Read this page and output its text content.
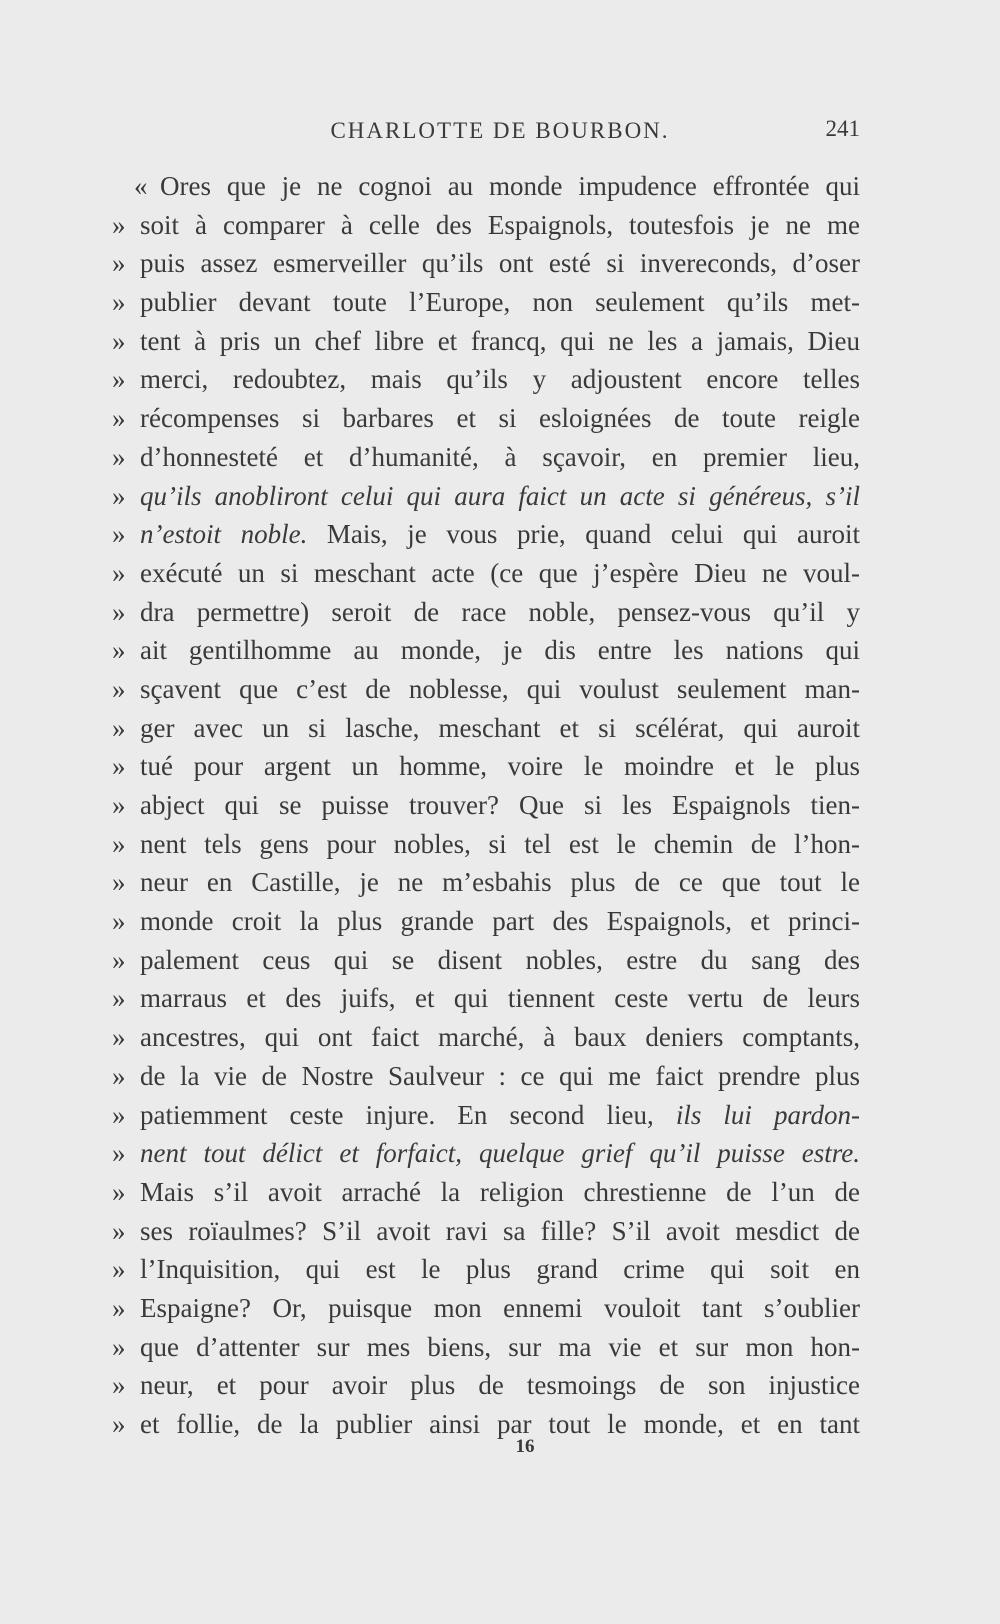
CHARLOTTE DE BOURBON.	241
« Ores que je ne cognoi au monde impudence effrontée qui
» soit à comparer à celle des Espaignols, toutesfois je ne me
» puis assez esmerveiller qu’ils ont esté si invereconds, d’oser
» publier devant toute l’Europe, non seulement qu’ils met-
» tent à pris un chef libre et francq, qui ne les a jamais, Dieu
» merci, redoubtez, mais qu’ils y adjoustent encore telles
» récompenses si barbares et si esloignées de toute reigle
» d’honnesteté et d’humanité, à sçavoir, en premier lieu,
» qu’ils anobliront celui qui aura faict un acte si généreus, s’il
» n’estoit noble. Mais, je vous prie, quand celui qui auroit
» exécuté un si meschant acte (ce que j’espère Dieu ne voul-
» dra permettre) seroit de race noble, pensez-vous qu’il y
» ait gentilhomme au monde, je dis entre les nations qui
» sçavent que c’est de noblesse, qui voulust seulement man-
» ger avec un si lasche, meschant et si scélérat, qui auroit
» tué pour argent un homme, voire le moindre et le plus
» abject qui se puisse trouver? Que si les Espaignols tien-
» nent tels gens pour nobles, si tel est le chemin de l’hon-
» neur en Castille, je ne m’esbahis plus de ce que tout le
» monde croit la plus grande part des Espaignols, et princi-
» palement ceus qui se disent nobles, estre du sang des
» marraus et des juifs, et qui tiennent ceste vertu de leurs
» ancestres, qui ont faict marché, à baux deniers comptants,
» de la vie de Nostre Saulveur : ce qui me faict prendre plus
» patiemment ceste injure. En second lieu, ils lui pardon-
» nent tout délict et forfaict, quelque grief qu’il puisse estre.
» Mais s’il avoit arraché la religion chrestienne de l’un de
» ses roïaulmes? S’il avoit ravi sa fille? S’il avoit mesdict de
» l’Inquisition, qui est le plus grand crime qui soit en
» Espaigne? Or, puisque mon ennemi vouloit tant s’oublier
» que d’attenter sur mes biens, sur ma vie et sur mon hon-
» neur, et pour avoir plus de tesmoings de son injustice
» et follie, de la publier ainsi par tout le monde, et en tant
16
